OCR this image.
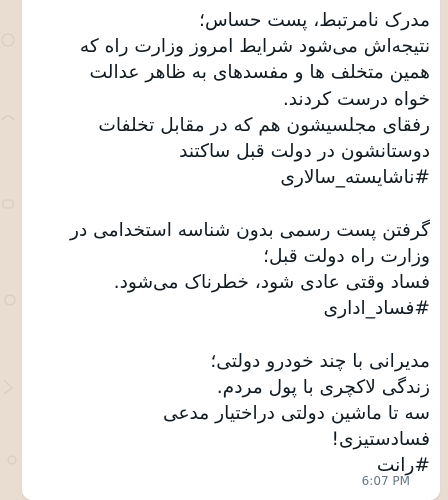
مدرک نامرتبط، پست حساس؛
نتیجه‌اش می‌شود شرایط امروز وزارت راه که
همین متخلف ها و مفسدهای به ظاهر عدالت
خواه درست کردند.
رفقای مجلسیشون هم که در مقابل تخلفات
دوستانشون در دولت قبل ساکتند
#ناشایسته_سالاری
گرفتن پست رسمی بدون شناسه استخدامی در
وزارت راه دولت قبل؛
فساد وقتی عادی شود، خطرناک می‌شود.
#فساد_اداری
مدیرانی با چند خودرو دولتی؛
زندگی لاکچری با پول مردم.
سه تا ماشین دولتی دراختیار مدعی
فسادستیزی!
#رانت
6:07 PM
